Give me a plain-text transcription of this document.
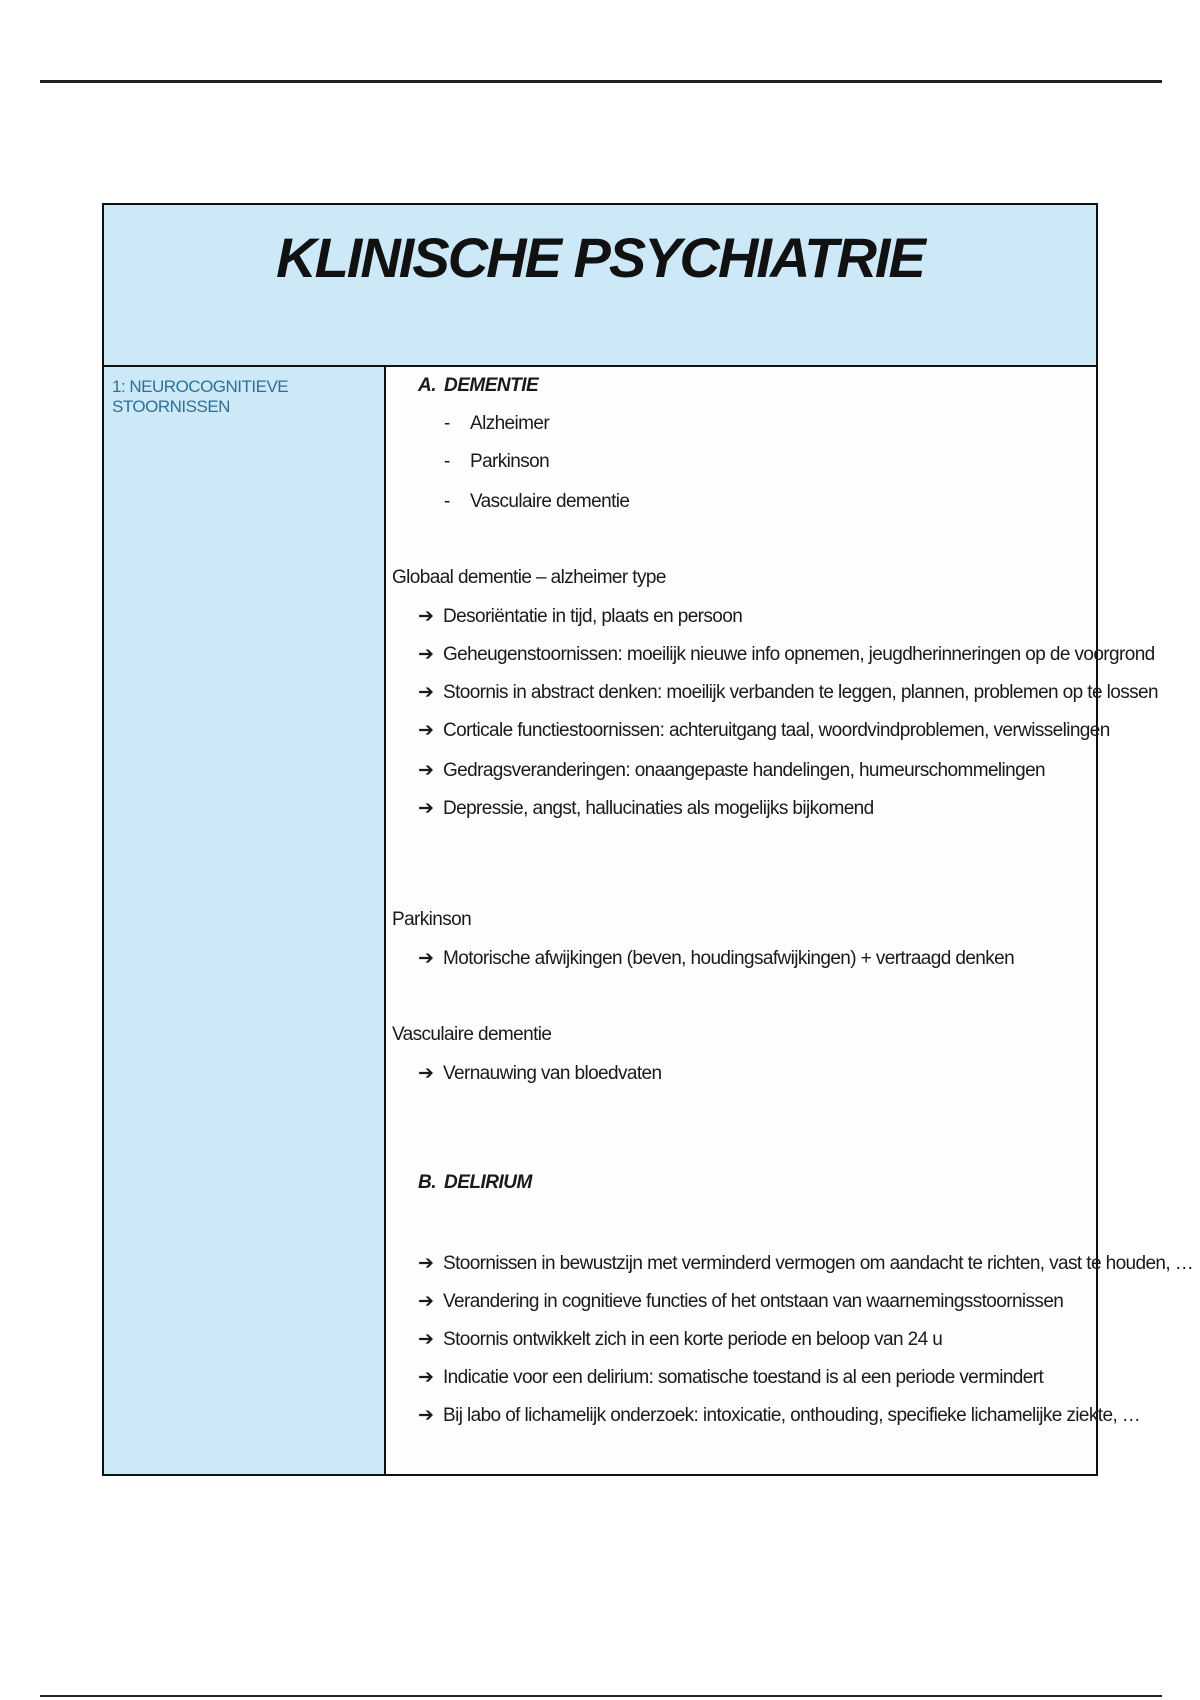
KLINISCHE PSYCHIATRIE
1: NEUROCOGNITIEVE STOORNISSEN
A. DEMENTIE
- Alzheimer
- Parkinson
- Vasculaire dementie
Globaal dementie – alzheimer type
➔ Desoriëntatie in tijd, plaats en persoon
➔ Geheugenstoornissen: moeilijk nieuwe info opnemen, jeugdherinneringen op de voorgrond
➔ Stoornis in abstract denken: moeilijk verbanden te leggen, plannen, problemen op te lossen
➔ Corticale functiestoornissen: achteruitgang taal, woordvindproblemen, verwisselingen
➔ Gedragsveranderingen: onaangepaste handelingen, humeurschommelingen
➔ Depressie, angst, hallucinaties als mogelijks bijkomend
Parkinson
➔ Motorische afwijkingen (beven, houdingsafwijkingen) + vertraagd denken
Vasculaire dementie
➔ Vernauwing van bloedvaten
B. DELIRIUM
➔ Stoornissen in bewustzijn met verminderd vermogen om aandacht te richten, vast te houden, …
➔ Verandering in cognitieve functies of het ontstaan van waarnemingsstoornissen
➔ Stoornis ontwikkelt zich in een korte periode en beloop van 24 u
➔ Indicatie voor een delirium: somatische toestand is al een periode vermindert
➔ Bij labo of lichamelijk onderzoek: intoxicatie, onthouding, specifieke lichamelijke ziekte, …
